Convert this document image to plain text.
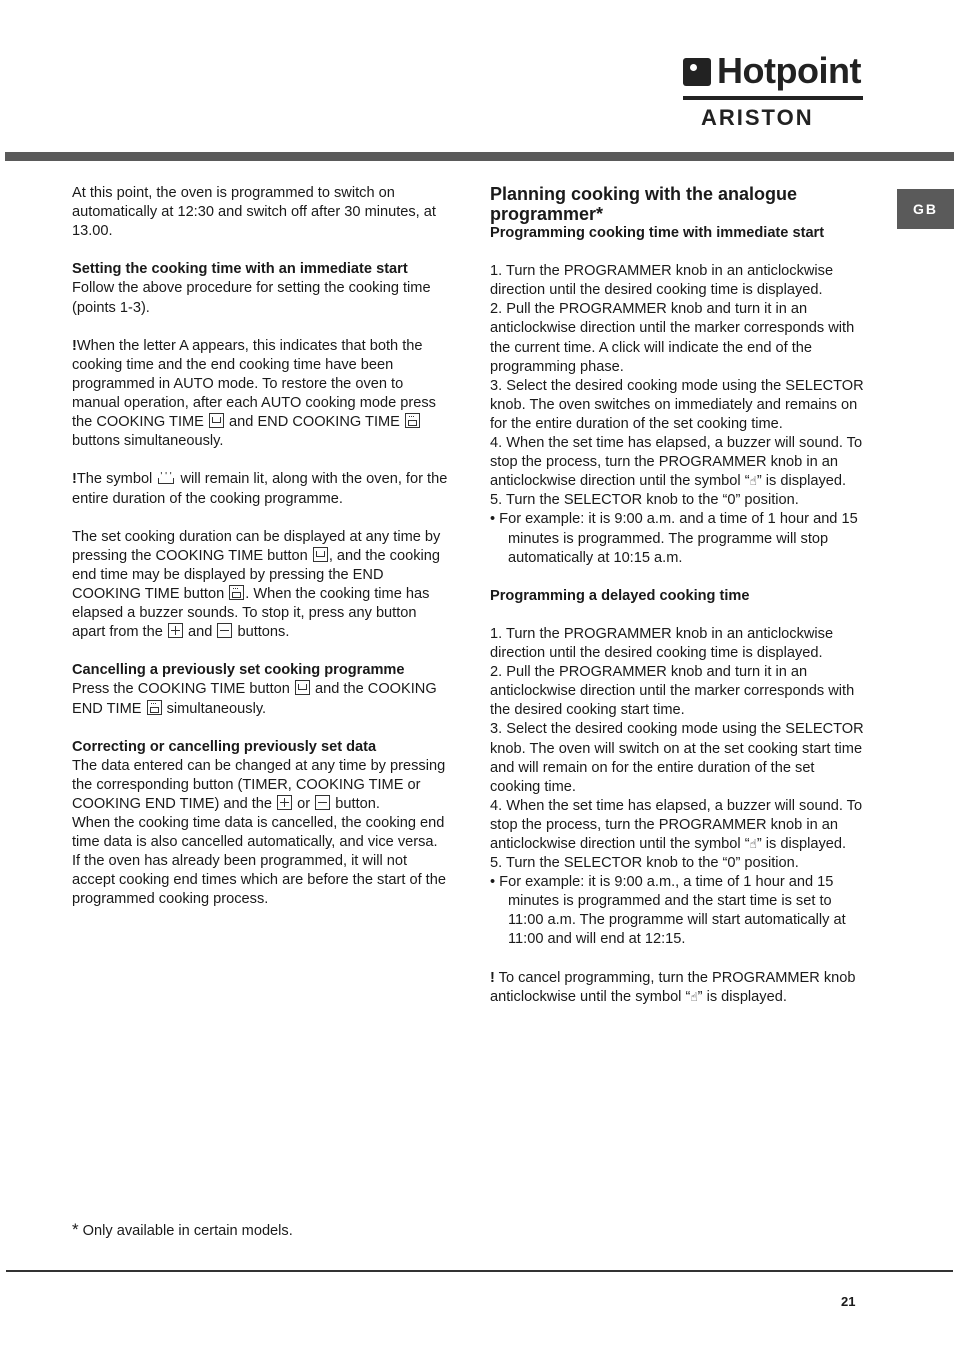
Hotpoint
ARISTON
GB

At this point, the oven is programmed to switch on automatically at 12:30 and switch off after 30 minutes, at 13.00.

Setting the cooking time with an immediate start

Follow the above procedure for setting the cooking time (points 1-3).

!When the letter A appears, this indicates that both the cooking time and the end cooking time have been programmed in AUTO mode. To restore the oven to manual operation, after each AUTO cooking mode press the COOKING TIME and END COOKING TIME  buttons simultaneously.

!The symbol ' ' ' will remain lit, along with the oven, for the entire duration of the cooking programme.

The set cooking duration can be displayed at any time by pressing the COOKING TIME button , and the cooking end time may be displayed by pressing the END COOKING TIME button . When the cooking time has elapsed a buzzer sounds. To stop it, press any button apart from the and buttons.

Cancelling a previously set cooking programme

Press the COOKING TIME button and the COOKING END TIME simultaneously.

Correcting or cancelling previously set data

The data entered can be changed at any time by pressing the corresponding button (TIMER, COOKING TIME or COOKING END TIME) and the or button.

When the cooking time data is cancelled, the cooking end time data is also cancelled automatically, and vice versa.

If the oven has already been programmed, it will not accept cooking end times which are before the start of the programmed cooking process.

Planning cooking with the analogue programmer*

Programming cooking time with immediate start

1. Turn the PROGRAMMER knob in an anticlockwise direction until the desired cooking time is displayed.

2. Pull the PROGRAMMER knob and turn it in an anticlockwise direction until the marker corresponds with the current time. A click will indicate the end of the programming phase.

3. Select the desired cooking mode using the SELECTOR knob. The oven switches on immediately and remains on for the entire duration of the set cooking time.

4. When the set time has elapsed, a buzzer will sound. To stop the process, turn the PROGRAMMER knob in an anticlockwise direction until the symbol “☝” is displayed.

5. Turn the SELECTOR knob to the “0” position.

• For example: it is 9:00 a.m. and a time of 1 hour and 15 minutes is programmed. The programme will stop automatically at 10:15 a.m.

Programming a delayed cooking time

1. Turn the PROGRAMMER knob in an anticlockwise direction until the desired cooking time is displayed.

2. Pull the PROGRAMMER knob and turn it in an anticlockwise direction until the marker corresponds with the desired cooking start time.

3. Select the desired cooking mode using the SELECTOR knob. The oven will switch on at the set cooking start time and will remain on for the entire duration of the set cooking time.

4. When the set time has elapsed, a buzzer will sound. To stop the process, turn the PROGRAMMER knob in an anticlockwise direction until the symbol “☝” is displayed.

5. Turn the SELECTOR knob to the “0” position.

• For example: it is 9:00 a.m., a time of 1 hour and 15 minutes is programmed and the start time is set to 11:00 a.m. The programme will start automatically at 11:00 and will end at 12:15.

! To cancel programming, turn the PROGRAMMER knob anticlockwise until the symbol “☝” is displayed.

* Only available in certain models.
21
